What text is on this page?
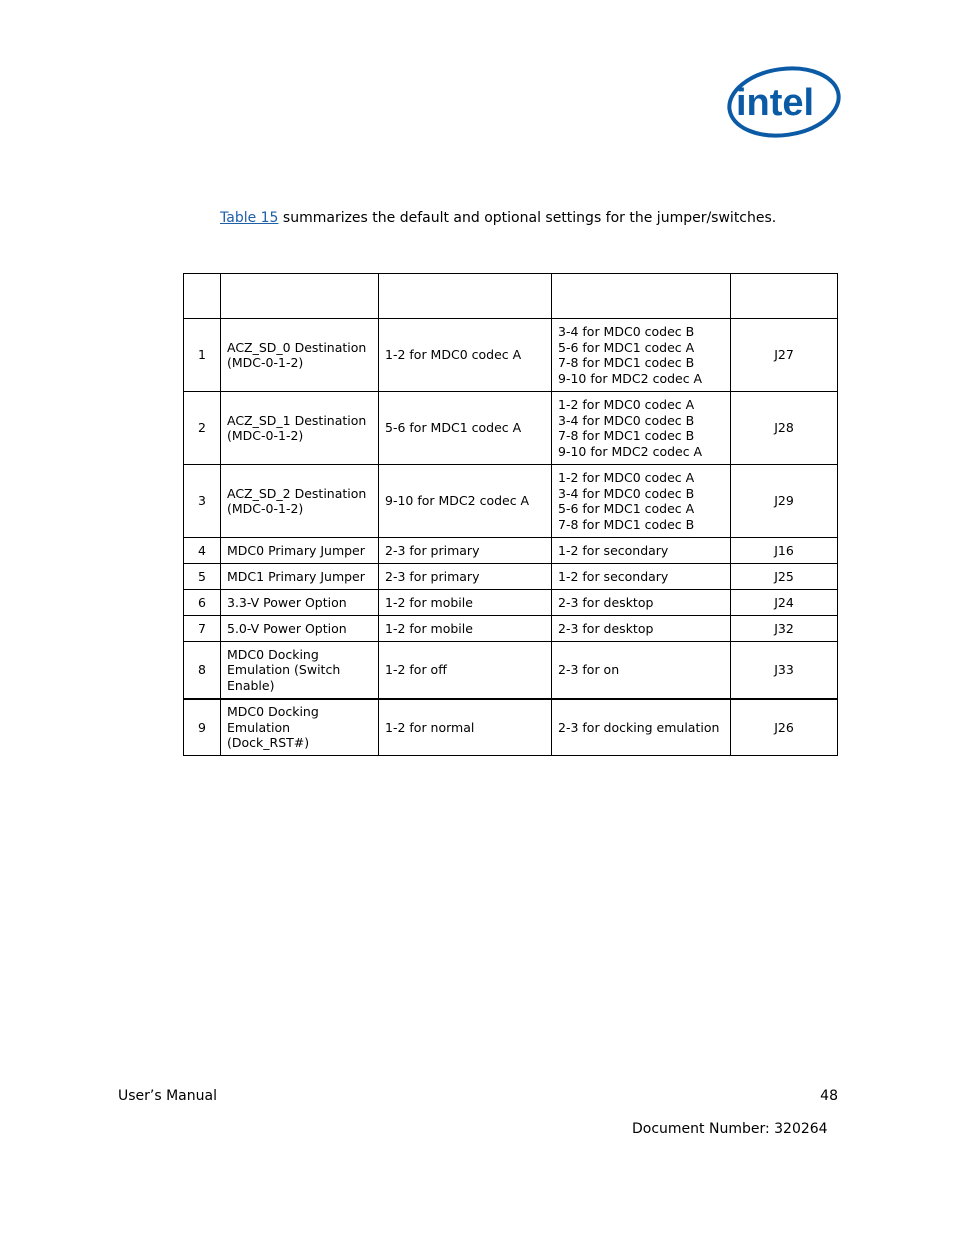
intel
Table 15 summarizes the default and optional settings for the jumper/switches.

1	ACZ_SD_0 Destination
(MDC-0-1-2)	1-2 for MDC0 codec A	3-4 for MDC0 codec B
5-6 for MDC1 codec A
7-8 for MDC1 codec B
9-10 for MDC2 codec A	J27
2	ACZ_SD_1 Destination
(MDC-0-1-2)	5-6 for MDC1 codec A	1-2 for MDC0 codec A
3-4 for MDC0 codec B
7-8 for MDC1 codec B
9-10 for MDC2 codec A	J28
3	ACZ_SD_2 Destination
(MDC-0-1-2)	9-10 for MDC2 codec A	1-2 for MDC0 codec A
3-4 for MDC0 codec B
5-6 for MDC1 codec A
7-8 for MDC1 codec B	J29
4	MDC0 Primary Jumper	2-3 for primary	1-2 for secondary	J16
5	MDC1 Primary Jumper	2-3 for primary	1-2 for secondary	J25
6	3.3-V Power Option	1-2 for mobile	2-3 for desktop	J24
7	5.0-V Power Option	1-2 for mobile	2-3 for desktop	J32
8	MDC0 Docking
Emulation (Switch
Enable)	1-2 for off	2-3 for on	J33
9	MDC0 Docking
Emulation
(Dock_RST#)	1-2 for normal	2-3 for docking emulation	J26
User’s Manual	48
Document Number: 320264
